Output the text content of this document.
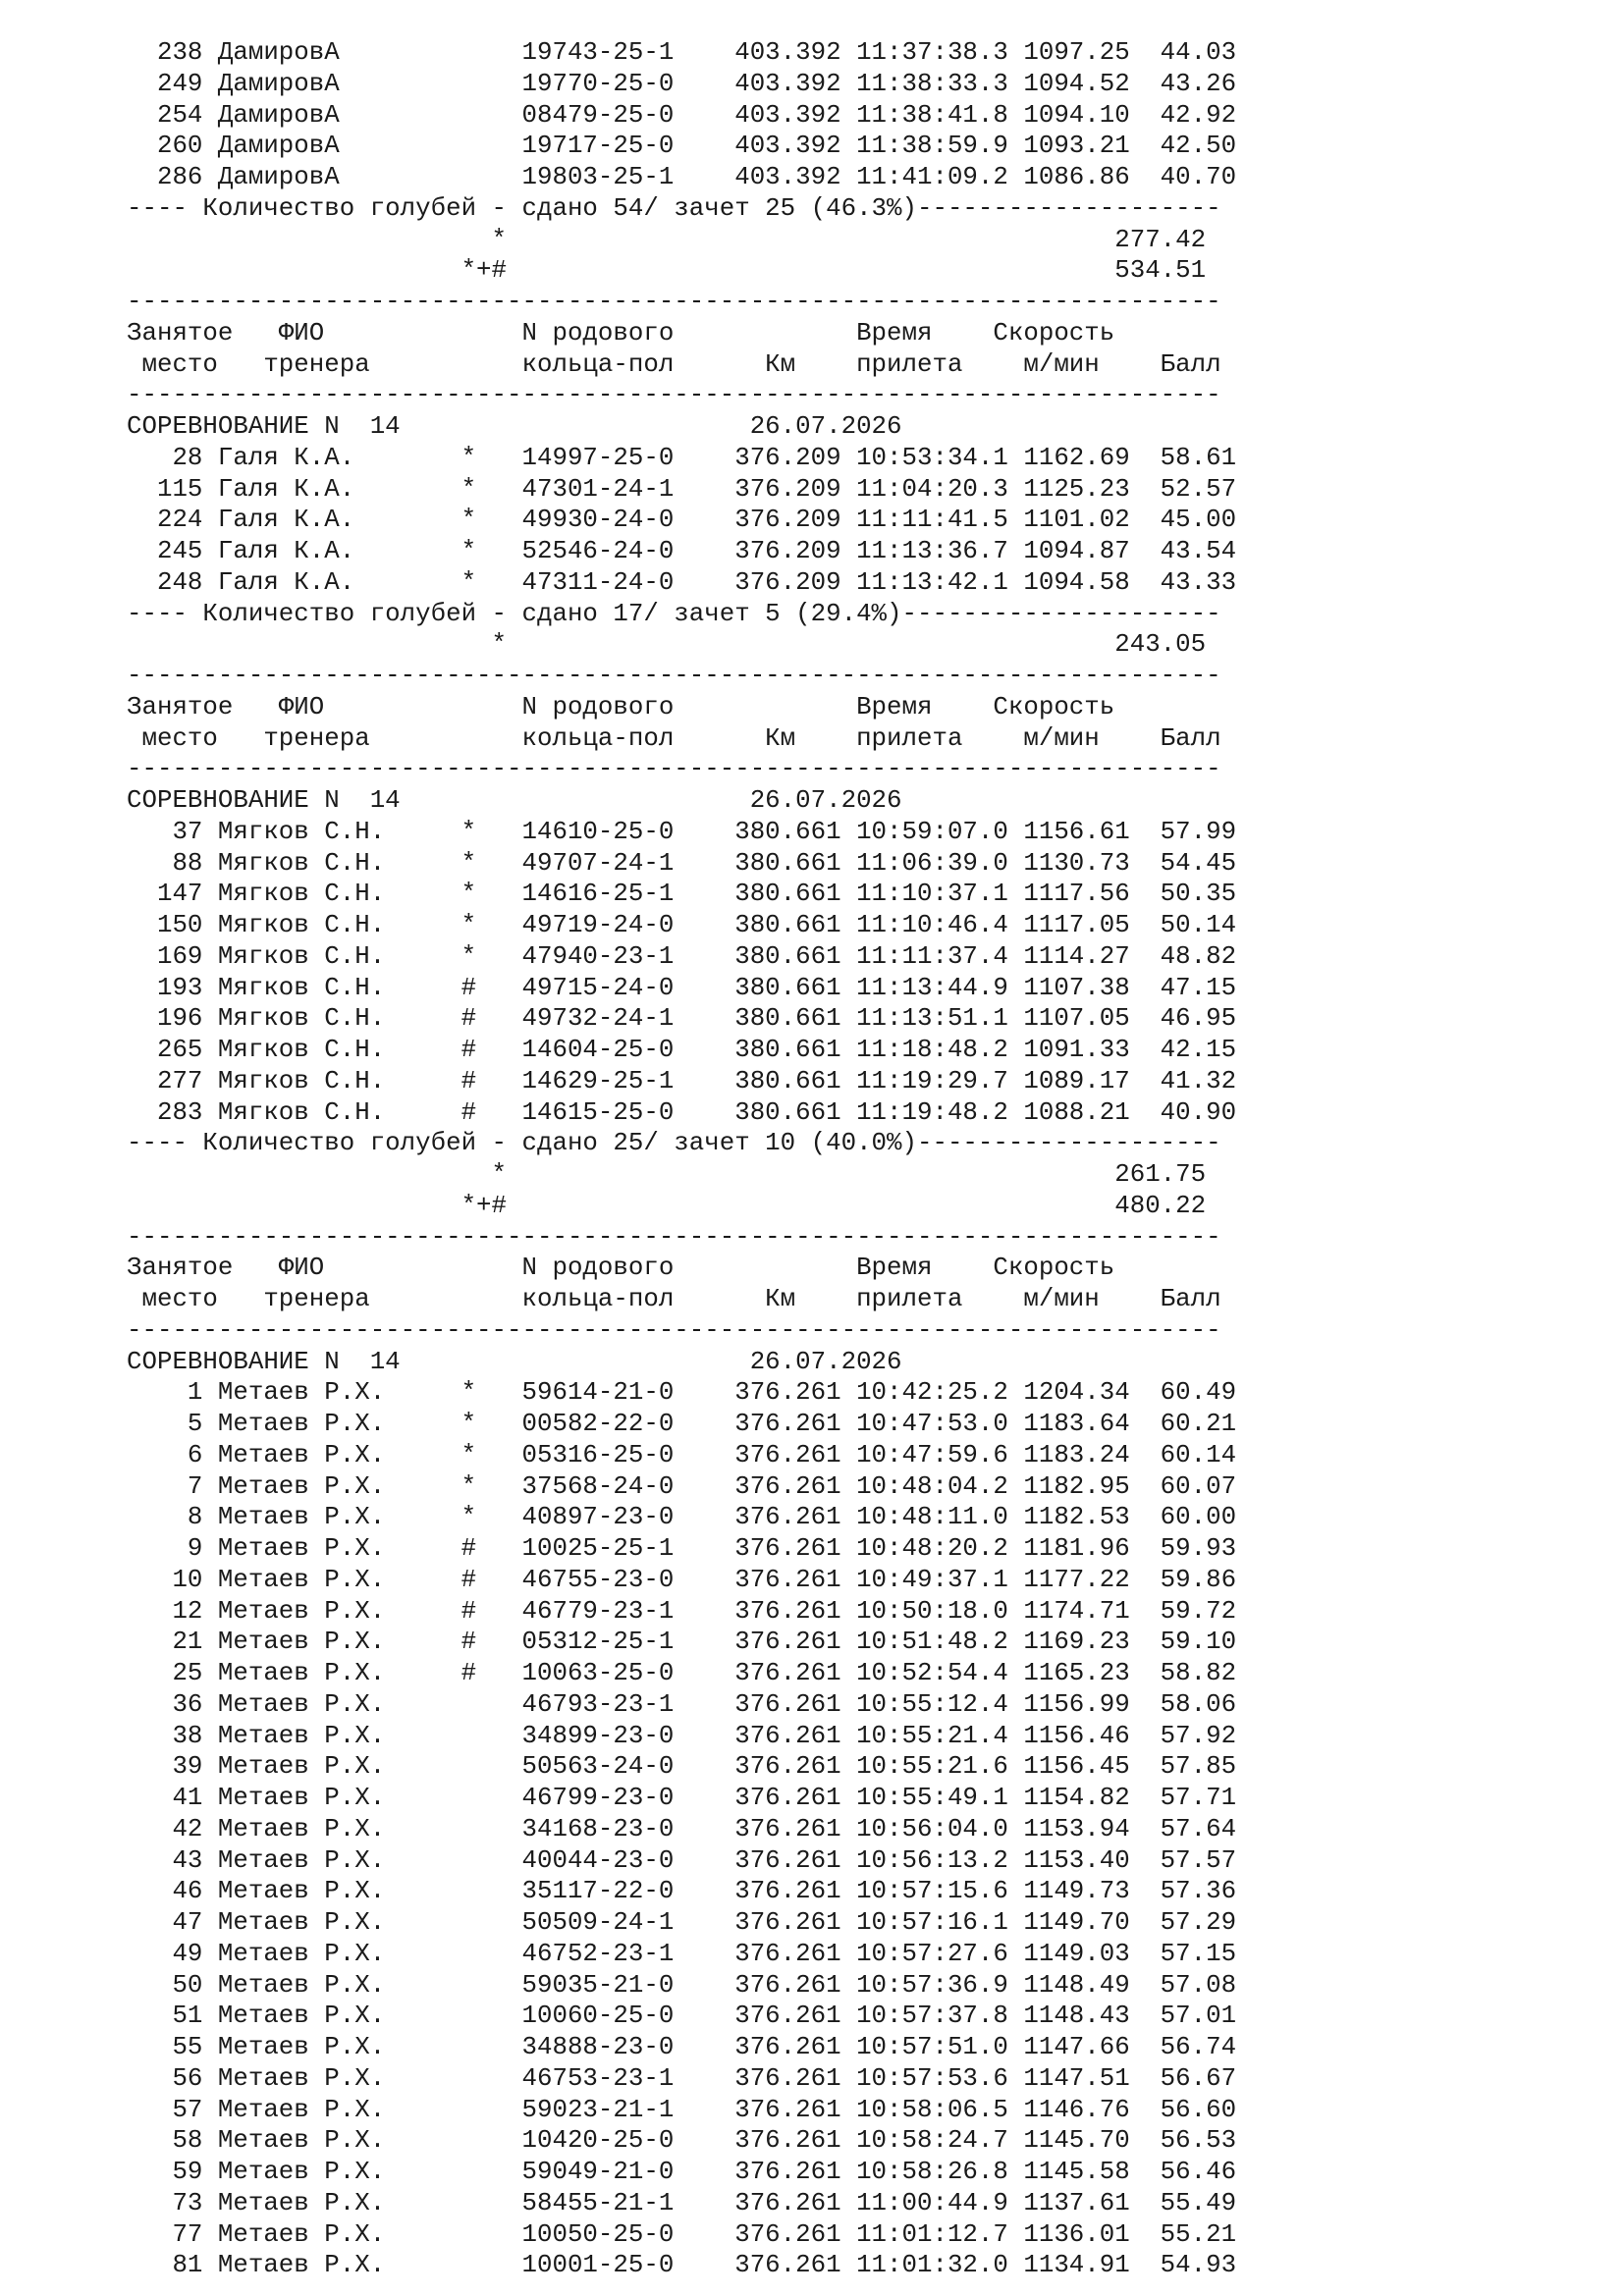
238 ДамировА            19743-25-1    403.392 11:37:38.3 1097.25  44.03
249 ДамировА            19770-25-0    403.392 11:38:33.3 1094.52  43.26
254 ДамировА            08479-25-0    403.392 11:38:41.8 1094.10  42.92
260 ДамировА            19717-25-0    403.392 11:38:59.9 1093.21  42.50
286 ДамировА            19803-25-1    403.392 11:41:09.2 1086.86  40.70
---- Количество голубей - сдано 54/ зачет 25 (46.3%)--------------------
*                                        277.42
*+#                                        534.51
------------------------------------------------------------------------
Занятое   ФИО             N родового            Время    Скорость
место   тренера          кольца-пол      Км    прилета    м/мин    Балл
------------------------------------------------------------------------
СОРЕВНОВАНИЕ N  14                       26.07.2026
28 Галя К.А.       *   14997-25-0    376.209 10:53:34.1 1162.69  58.61
115 Галя К.А.       *   47301-24-1    376.209 11:04:20.3 1125.23  52.57
224 Галя К.А.       *   49930-24-0    376.209 11:11:41.5 1101.02  45.00
245 Галя К.А.       *   52546-24-0    376.209 11:13:36.7 1094.87  43.54
248 Галя К.А.       *   47311-24-0    376.209 11:13:42.1 1094.58  43.33
---- Количество голубей - сдано 17/ зачет 5 (29.4%)---------------------
*                                        243.05
------------------------------------------------------------------------
Занятое   ФИО             N родового            Время    Скорость
место   тренера          кольца-пол      Км    прилета    м/мин    Балл
------------------------------------------------------------------------
СОРЕВНОВАНИЕ N  14                       26.07.2026
37 Мягков С.Н.     *   14610-25-0    380.661 10:59:07.0 1156.61  57.99
88 Мягков С.Н.     *   49707-24-1    380.661 11:06:39.0 1130.73  54.45
147 Мягков С.Н.     *   14616-25-1    380.661 11:10:37.1 1117.56  50.35
150 Мягков С.Н.     *   49719-24-0    380.661 11:10:46.4 1117.05  50.14
169 Мягков С.Н.     *   47940-23-1    380.661 11:11:37.4 1114.27  48.82
193 Мягков С.Н.     #   49715-24-0    380.661 11:13:44.9 1107.38  47.15
196 Мягков С.Н.     #   49732-24-1    380.661 11:13:51.1 1107.05  46.95
265 Мягков С.Н.     #   14604-25-0    380.661 11:18:48.2 1091.33  42.15
277 Мягков С.Н.     #   14629-25-1    380.661 11:19:29.7 1089.17  41.32
283 Мягков С.Н.     #   14615-25-0    380.661 11:19:48.2 1088.21  40.90
---- Количество голубей - сдано 25/ зачет 10 (40.0%)--------------------
*                                        261.75
*+#                                        480.22
------------------------------------------------------------------------
Занятое   ФИО             N родового            Время    Скорость
место   тренера          кольца-пол      Км    прилета    м/мин    Балл
------------------------------------------------------------------------
СОРЕВНОВАНИЕ N  14                       26.07.2026
1 Метаев Р.Х.     *   59614-21-0    376.261 10:42:25.2 1204.34  60.49
5 Метаев Р.Х.     *   00582-22-0    376.261 10:47:53.0 1183.64  60.21
6 Метаев Р.Х.     *   05316-25-0    376.261 10:47:59.6 1183.24  60.14
7 Метаев Р.Х.     *   37568-24-0    376.261 10:48:04.2 1182.95  60.07
8 Метаев Р.Х.     *   40897-23-0    376.261 10:48:11.0 1182.53  60.00
9 Метаев Р.Х.     #   10025-25-1    376.261 10:48:20.2 1181.96  59.93
10 Метаев Р.Х.     #   46755-23-0    376.261 10:49:37.1 1177.22  59.86
12 Метаев Р.Х.     #   46779-23-1    376.261 10:50:18.0 1174.71  59.72
21 Метаев Р.Х.     #   05312-25-1    376.261 10:51:48.2 1169.23  59.10
25 Метаев Р.Х.     #   10063-25-0    376.261 10:52:54.4 1165.23  58.82
36 Метаев Р.Х.         46793-23-1    376.261 10:55:12.4 1156.99  58.06
38 Метаев Р.Х.         34899-23-0    376.261 10:55:21.4 1156.46  57.92
39 Метаев Р.Х.         50563-24-0    376.261 10:55:21.6 1156.45  57.85
41 Метаев Р.Х.         46799-23-0    376.261 10:55:49.1 1154.82  57.71
42 Метаев Р.Х.         34168-23-0    376.261 10:56:04.0 1153.94  57.64
43 Метаев Р.Х.         40044-23-0    376.261 10:56:13.2 1153.40  57.57
46 Метаев Р.Х.         35117-22-0    376.261 10:57:15.6 1149.73  57.36
47 Метаев Р.Х.         50509-24-1    376.261 10:57:16.1 1149.70  57.29
49 Метаев Р.Х.         46752-23-1    376.261 10:57:27.6 1149.03  57.15
50 Метаев Р.Х.         59035-21-0    376.261 10:57:36.9 1148.49  57.08
51 Метаев Р.Х.         10060-25-0    376.261 10:57:37.8 1148.43  57.01
55 Метаев Р.Х.         34888-23-0    376.261 10:57:51.0 1147.66  56.74
56 Метаев Р.Х.         46753-23-1    376.261 10:57:53.6 1147.51  56.67
57 Метаев Р.Х.         59023-21-1    376.261 10:58:06.5 1146.76  56.60
58 Метаев Р.Х.         10420-25-0    376.261 10:58:24.7 1145.70  56.53
59 Метаев Р.Х.         59049-21-0    376.261 10:58:26.8 1145.58  56.46
73 Метаев Р.Х.         58455-21-1    376.261 11:00:44.9 1137.61  55.49
77 Метаев Р.Х.         10050-25-0    376.261 11:01:12.7 1136.01  55.21
81 Метаев Р.Х.         10001-25-0    376.261 11:01:32.0 1134.91  54.93
